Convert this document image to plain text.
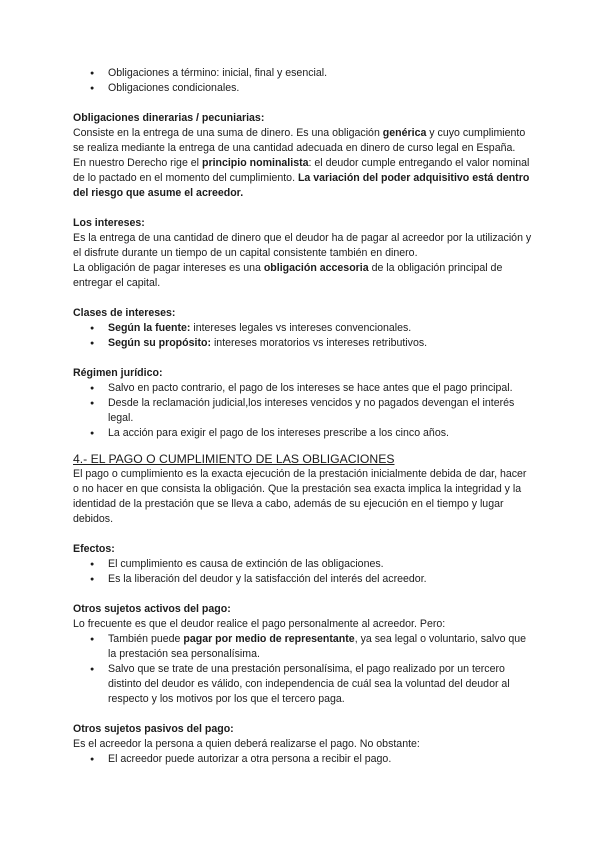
● Obligaciones a término: inicial, final y esencial.
● Obligaciones condicionales.

Obligaciones dinerarias / pecuniarias:

Consiste en la entrega de una suma de dinero. Es una obligación genérica y cuyo cumplimiento se realiza mediante la entrega de una cantidad adecuada en dinero de curso legal en España.

En nuestro Derecho rige el principio nominalista: el deudor cumple entregando el valor nominal de lo pactado en el momento del cumplimiento. La variación del poder adquisitivo está dentro del riesgo que asume el acreedor.

Los intereses:

Es la entrega de una cantidad de dinero que el deudor ha de pagar al acreedor por la utilización y el disfrute durante un tiempo de un capital consistente también en dinero.

La obligación de pagar intereses es una obligación accesoria de la obligación principal de entregar el capital.

Clases de intereses:

● Según la fuente: intereses legales vs intereses convencionales.
● Según su propósito: intereses moratorios vs intereses retributivos.

Régimen jurídico:

● Salvo en pacto contrario, el pago de los intereses se hace antes que el pago principal.
● Desde la reclamación judicial,los intereses vencidos y no pagados devengan el interés legal.
● La acción para exigir el pago de los intereses prescribe a los cinco años.

4.- EL PAGO O CUMPLIMIENTO DE LAS OBLIGACIONES

El pago o cumplimiento es la exacta ejecución de la prestación inicialmente debida de dar, hacer o no hacer en que consista la obligación. Que la prestación sea exacta implica la integridad y la identidad de la prestación que se lleva a cabo, además de su ejecución en el tiempo y lugar debidos.

Efectos:

● El cumplimiento es causa de extinción de las obligaciones.
● Es la liberación del deudor y la satisfacción del interés del acreedor.

Otros sujetos activos del pago:

Lo frecuente es que el deudor realice el pago personalmente al acreedor. Pero:

● También puede pagar por medio de representante, ya sea legal o voluntario, salvo que la prestación sea personalísima.
● Salvo que se trate de una prestación personalísima, el pago realizado por un tercero distinto del deudor es válido, con independencia de cuál sea la voluntad del deudor al respecto y los motivos por los que el tercero paga.

Otros sujetos pasivos del pago:

Es el acreedor la persona a quien deberá realizarse el pago. No obstante:

● El acreedor puede autorizar a otra persona a recibir el pago.
